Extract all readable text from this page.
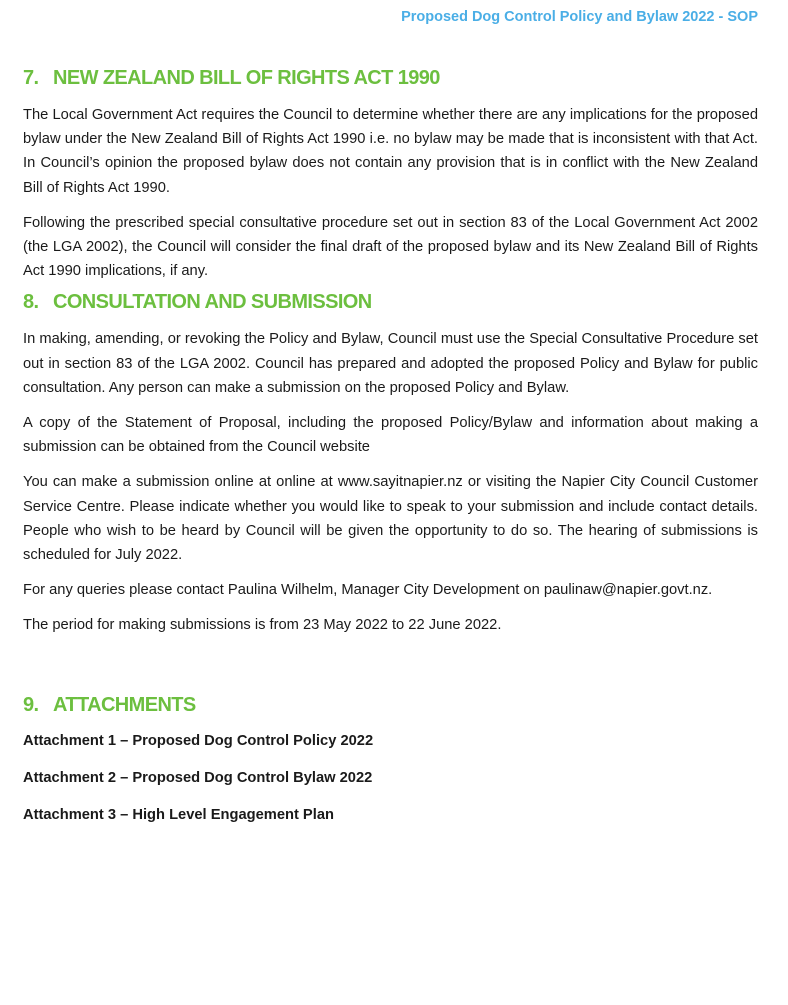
Proposed Dog Control Policy and Bylaw 2022 - SOP
7. NEW ZEALAND BILL OF RIGHTS ACT 1990

The Local Government Act requires the Council to determine whether there are any implications for the proposed bylaw under the New Zealand Bill of Rights Act 1990 i.e. no bylaw may be made that is inconsistent with that Act. In Council’s opinion the proposed bylaw does not contain any provision that is in conflict with the New Zealand Bill of Rights Act 1990.

Following the prescribed special consultative procedure set out in section 83 of the Local Government Act 2002 (the LGA 2002), the Council will consider the final draft of the proposed bylaw and its New Zealand Bill of Rights Act 1990 implications, if any.

8. CONSULTATION AND SUBMISSION

In making, amending, or revoking the Policy and Bylaw, Council must use the Special Consultative Procedure set out in section 83 of the LGA 2002. Council has prepared and adopted the proposed Policy and Bylaw for public consultation. Any person can make a submission on the proposed Policy and Bylaw.

A copy of the Statement of Proposal, including the proposed Policy/Bylaw and information about making a submission can be obtained from the Council website

You can make a submission online at online at www.sayitnapier.nz or visiting the Napier City Council Customer Service Centre. Please indicate whether you would like to speak to your submission and include contact details. People who wish to be heard by Council will be given the opportunity to do so. The hearing of submissions is scheduled for July 2022.

For any queries please contact Paulina Wilhelm, Manager City Development on paulinaw@napier.govt.nz.

The period for making submissions is from 23 May 2022 to 22 June 2022.

9. ATTACHMENTS

Attachment 1 – Proposed Dog Control Policy 2022

Attachment 2 – Proposed Dog Control Bylaw 2022

Attachment 3 – High Level Engagement Plan
